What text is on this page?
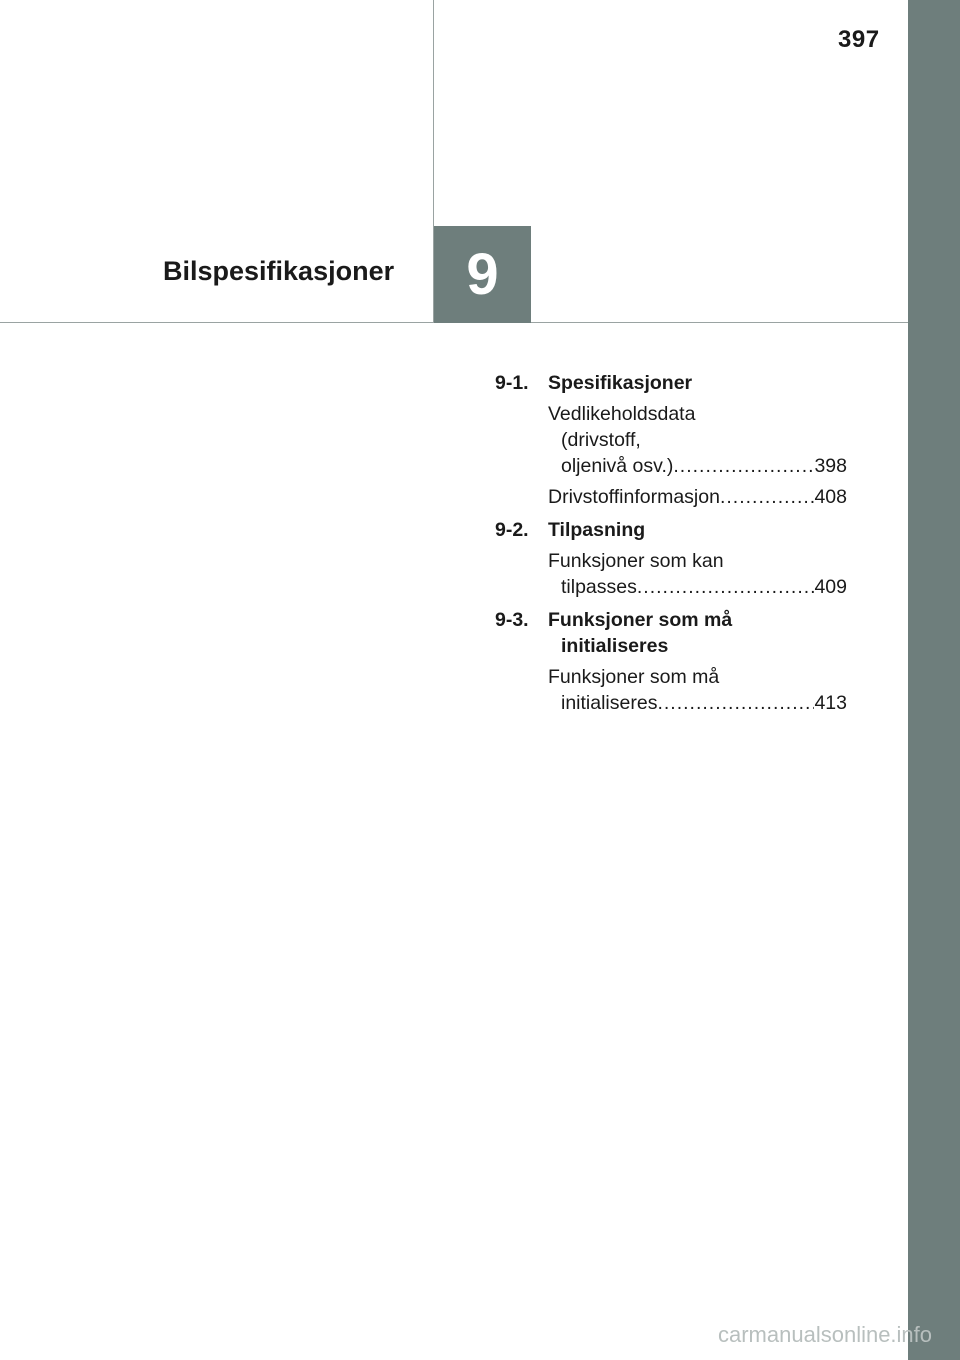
397
Bilspesifikasjoner 9
9-1. Spesifikasjoner
Vedlikeholdsdata
(drivstoff,
oljenivå osv.) .....	398
Drivstoffinformasjon .....	408
9-2. Tilpasning
Funksjoner som kan
tilpasses .....	409
9-3. Funksjoner som må
initialiseres
Funksjoner som må
initialiseres .....	413
carmanualsonline.info
